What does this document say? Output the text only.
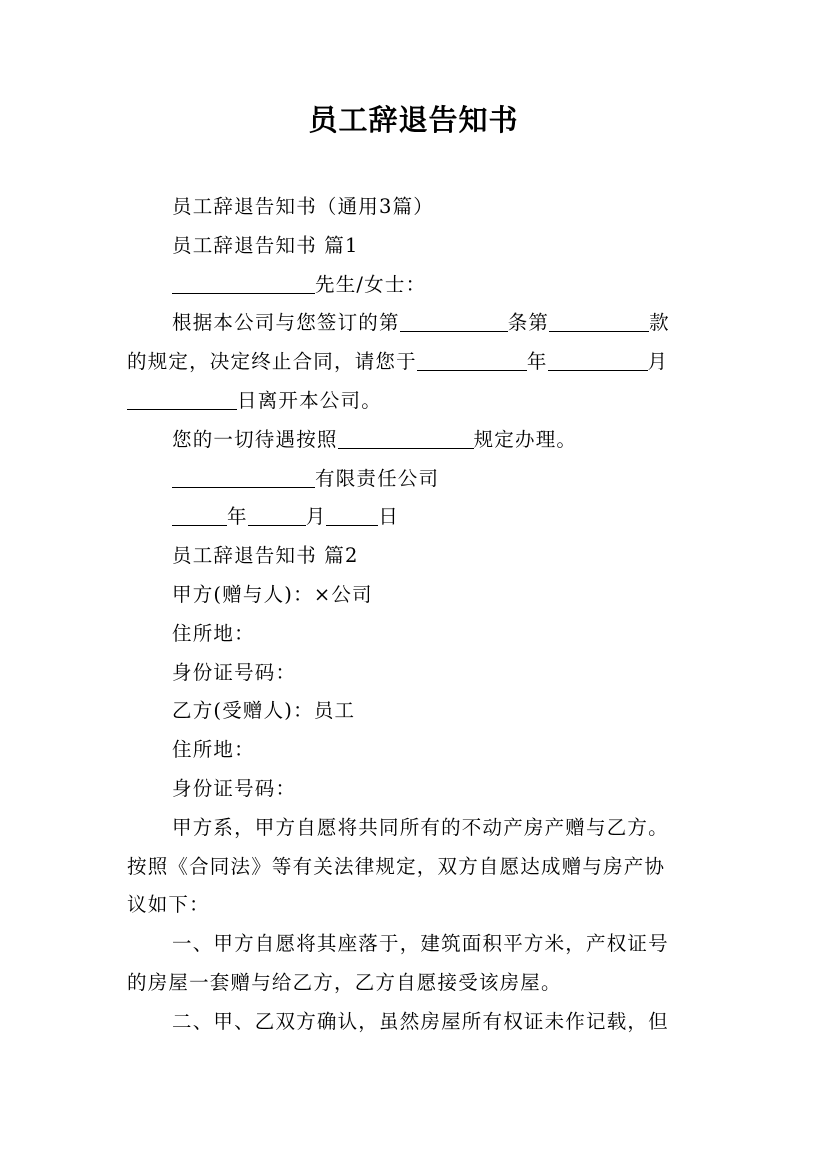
员工辞退告知书

员工辞退告知书（通用3篇）

员工辞退告知书 篇1

先生/女士：

根据本公司与您签订的第	条第	款

的规定，决定终止合同，请您于	年	月

日离开本公司。

您的一切待遇按照	规定办理。

有限责任公司

年	月	日

员工辞退告知书 篇2

甲方(赠与人)：×公司

住所地：

身份证号码：

乙方(受赠人)：员工

住所地：

身份证号码：

甲方系，甲方自愿将共同所有的不动产房产赠与乙方。

按照《合同法》等有关法律规定，双方自愿达成赠与房产协

议如下：

一、甲方自愿将其座落于，建筑面积平方米，产权证号

的房屋一套赠与给乙方，乙方自愿接受该房屋。

二、甲、乙双方确认，虽然房屋所有权证未作记载，但
